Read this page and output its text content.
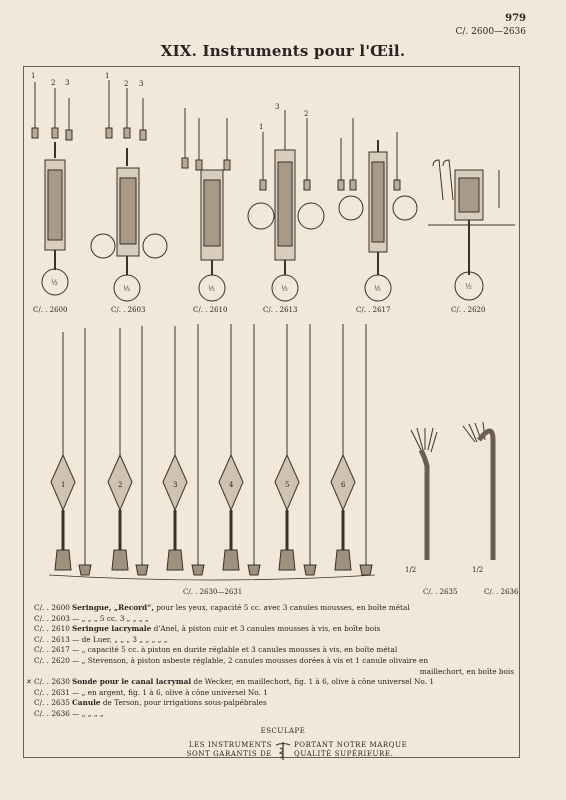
979
C/. 2600—2636
XIX. Instruments pour l'Œil.
1
2 3
1
2 3
3
2
1
½
⅓	½	½	½	½
C/. . 2600	C/. . 2603	C/. . 2610	C/. . 2613	C/. . 2617	C/. . 2620
1	2	3	4	5	6
C/. . 2630—2631
1/2
C/. . 2635
1/2
C/. . 2636
C/. . 2600 Seringue, „Record“, pour les yeux, capacité 5 cc. avec 3 canules mousses, en boîte métal
C/. . 2603 — „ „ „ 5 cc. 3 „ „ „ „
C/. . 2610 Seringue lacrymale d'Anel, à piston cuir et 3 canules mousses à vis, en boîte bois
C/. . 2613 — de Luer, „ „ „ 3 „ „ „ „ „
C/. . 2617 — „ capacité 5 cc. à piston en durite réglable et 3 canules mousses à vis, en boîte métal
C/. . 2620 — „ Stevenson, à piston asbeste réglable, 2 canules mousses dorées à vis et 1 canule olivaire en
maillechort, en boîte bois
✕ C/. . 2630 Sonde pour le canal lacrymal de Wecker, en maillechort, fig. 1 à 6, olive à cône universel No. 1
C/. . 2631 — „ en argent, fig. 1 à 6, olive à cône universel No. 1
C/. . 2635 Canule de Terson, pour irrigations sous-palpébrales
C/. . 2636 — „ „ „ „
ESCULAPE
LES INSTRUMENTS
SONT GARANTIS DEPORTANT NOTRE MARQUE
QUALITÉ SUPÉRIEURE.
